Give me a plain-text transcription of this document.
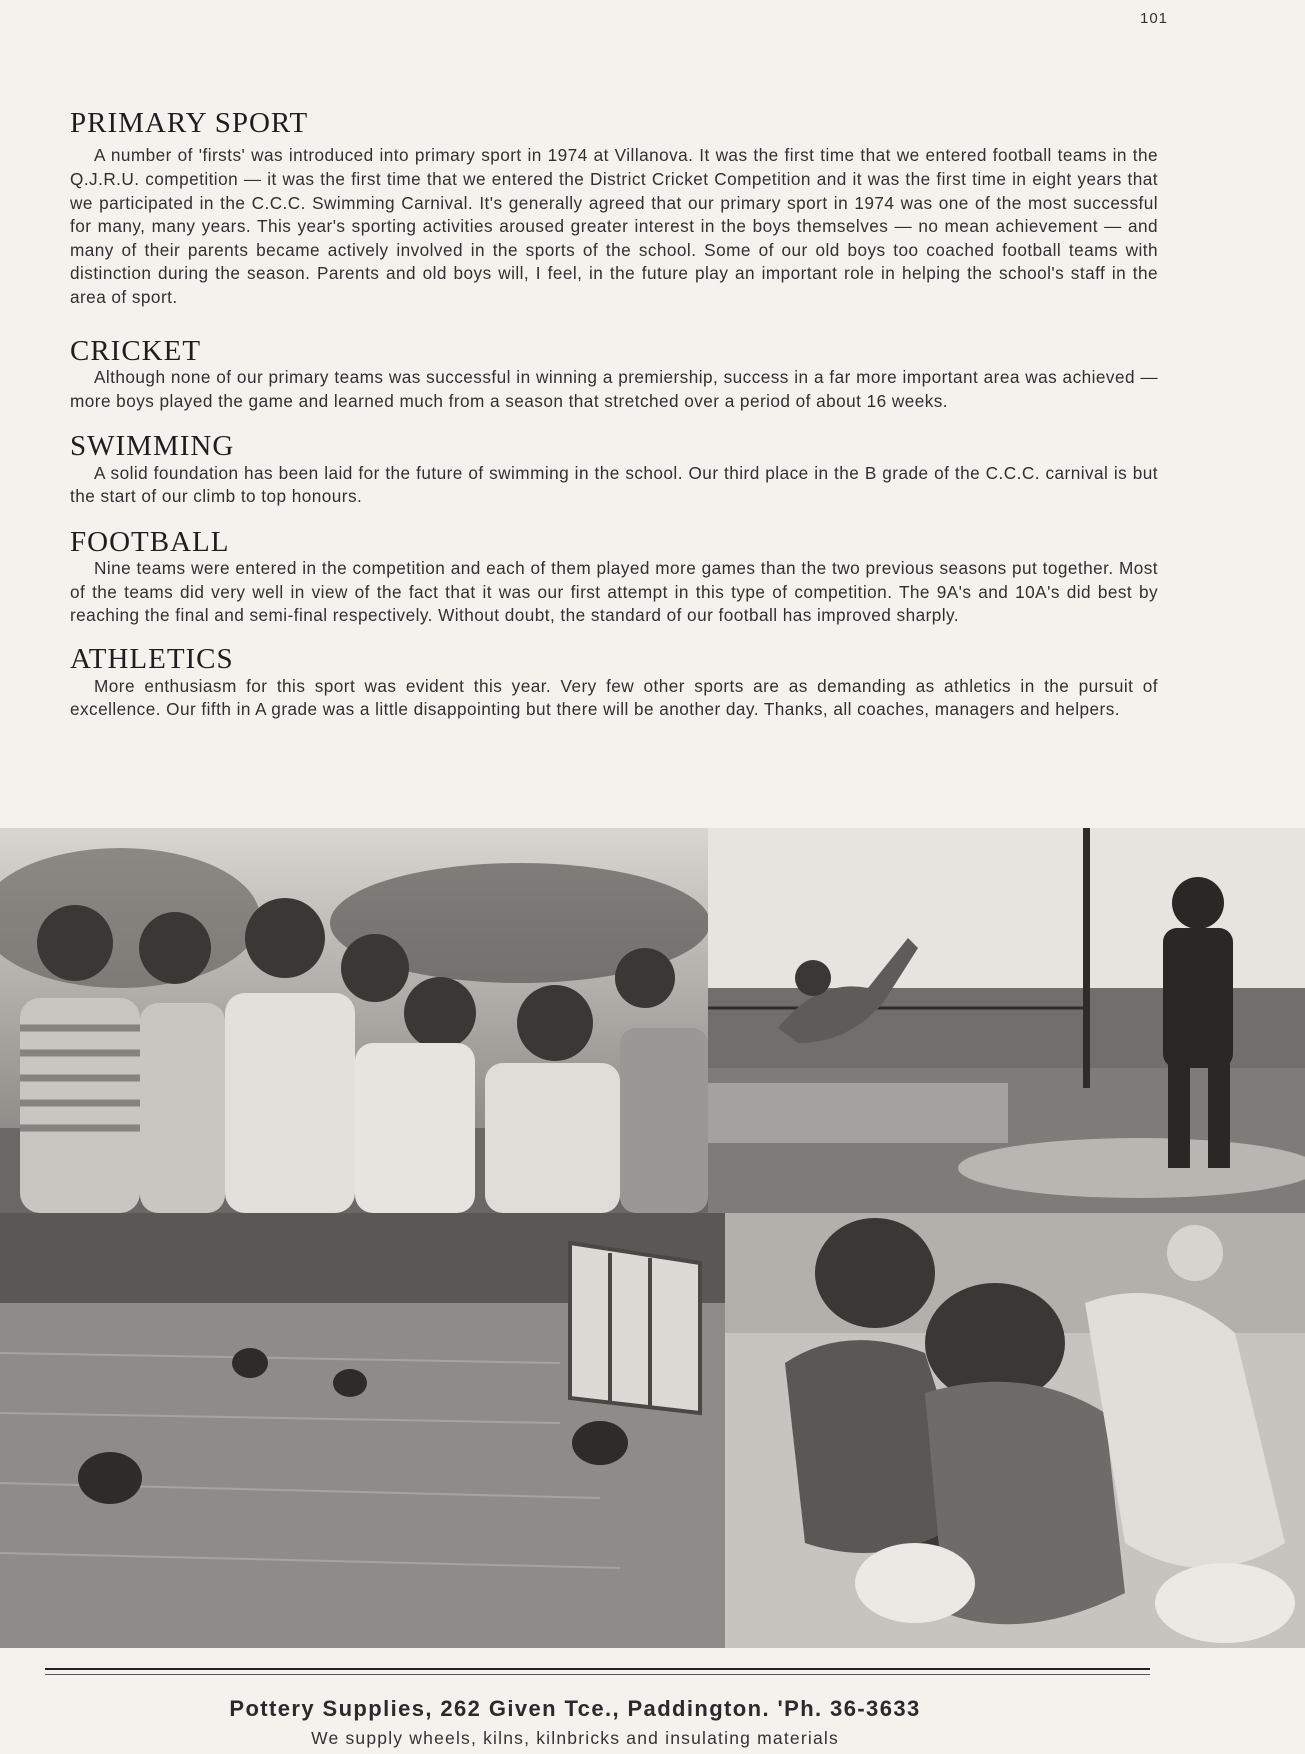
101
PRIMARY SPORT

A number of 'firsts' was introduced into primary sport in 1974 at Villanova. It was the first time that we entered football teams in the Q.J.R.U. competition — it was the first time that we entered the District Cricket Competition and it was the first time in eight years that we participated in the C.C.C. Swimming Carnival. It's generally agreed that our primary sport in 1974 was one of the most successful for many, many years. This year's sporting activities aroused greater interest in the boys themselves — no mean achievement — and many of their parents became actively involved in the sports of the school. Some of our old boys too coached football teams with distinction during the season. Parents and old boys will, I feel, in the future play an important role in helping the school's staff in the area of sport.

CRICKET

Although none of our primary teams was successful in winning a premiership, success in a far more important area was achieved — more boys played the game and learned much from a season that stretched over a period of about 16 weeks.

SWIMMING

A solid foundation has been laid for the future of swimming in the school. Our third place in the B grade of the C.C.C. carnival is but the start of our climb to top honours.

FOOTBALL

Nine teams were entered in the competition and each of them played more games than the two previous seasons put together. Most of the teams did very well in view of the fact that it was our first attempt in this type of competition. The 9A's and 10A's did best by reaching the final and semi-final respectively. Without doubt, the standard of our football has improved sharply.

ATHLETICS

More enthusiasm for this sport was evident this year. Very few other sports are as demanding as athletics in the pursuit of excellence. Our fifth in A grade was a little disappointing but there will be another day. Thanks, all coaches, managers and helpers.

Pottery Supplies, 262 Given Tce., Paddington. 'Ph. 36-3633
We supply wheels, kilns, kilnbricks and insulating materials
